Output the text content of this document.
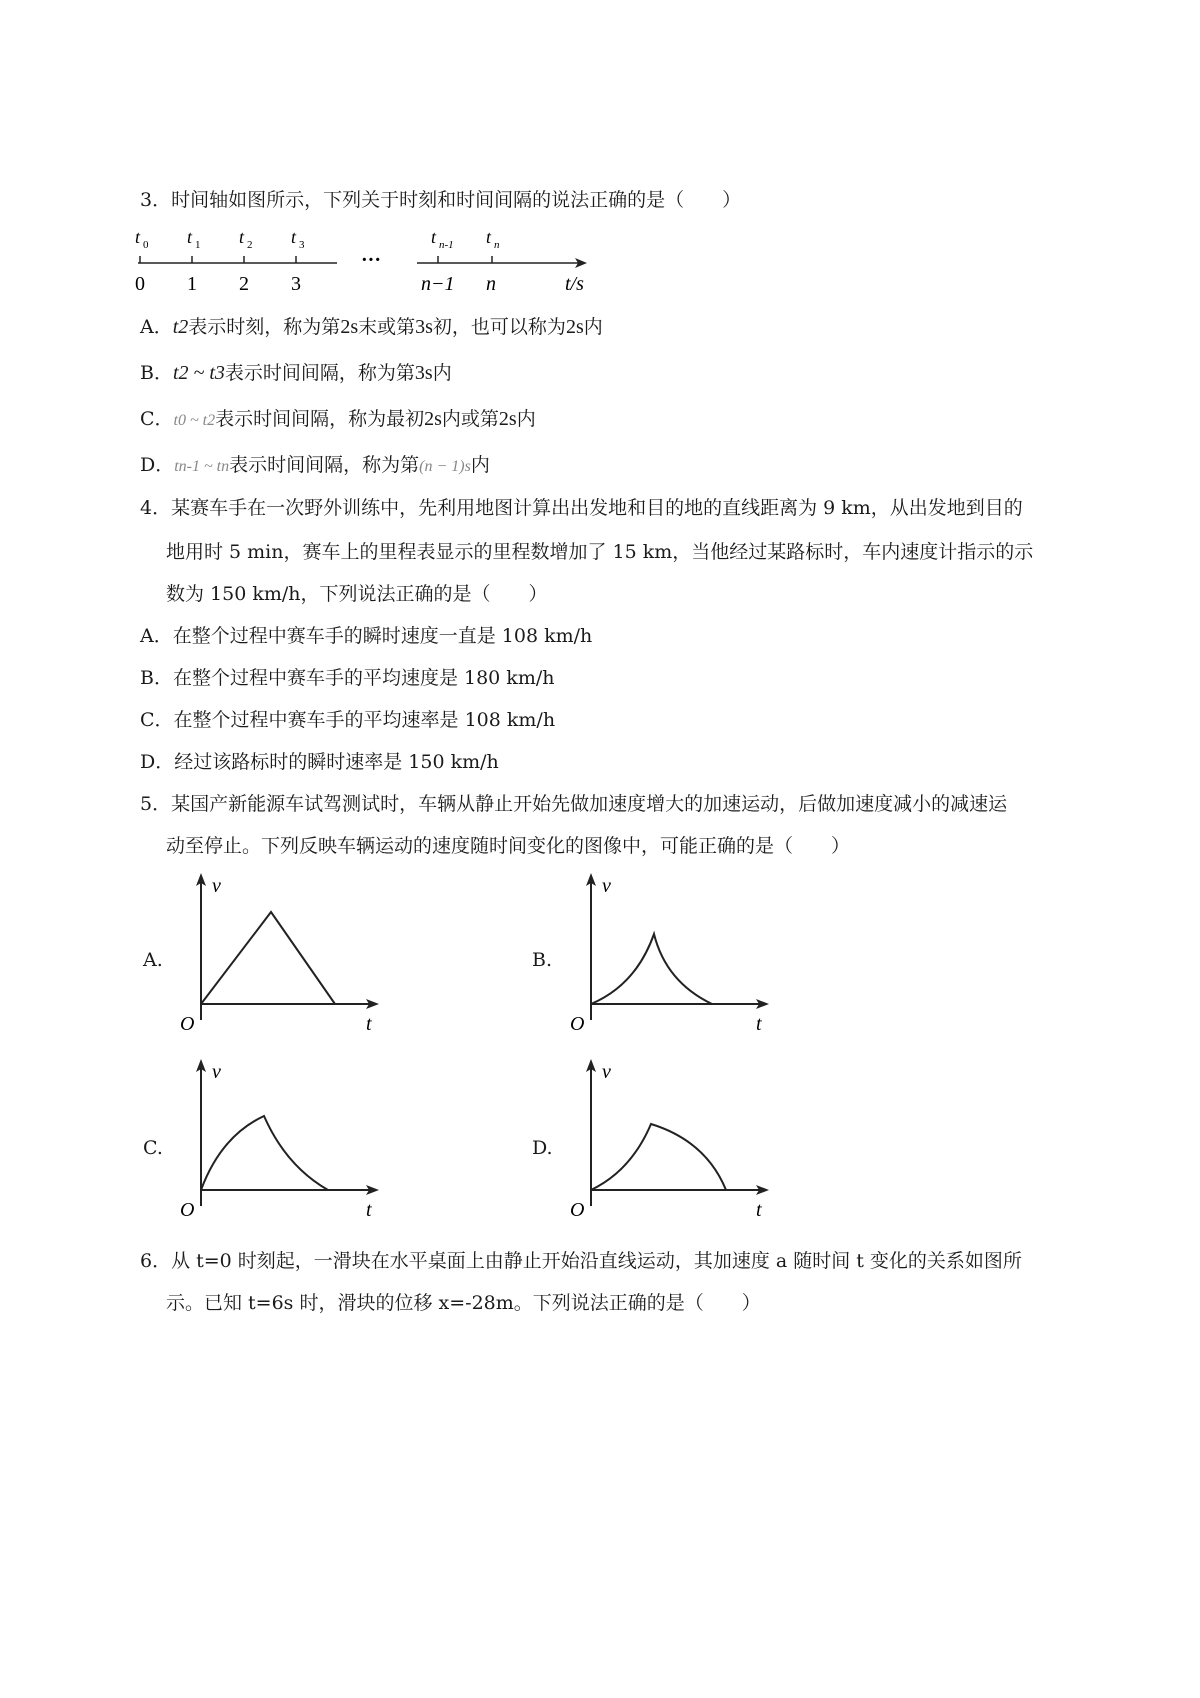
3．时间轴如图所示，下列关于时刻和时间间隔的说法正确的是（　　）
t 0 t 1 t 2 t 3	t n-1 t n
···
0 1 2 3	n−1 n	t/s
A．t2表示时刻，称为第2s末或第3s初，也可以称为2s内
B．t2 ~ t3表示时间间隔，称为第3s内
C．t0 ~ t2表示时间间隔，称为最初2s内或第2s内
D．tn-1 ~ tn表示时间间隔，称为第(n − 1)s内
4．某赛车手在一次野外训练中，先利用地图计算出出发地和目的地的直线距离为 9 km，从出发地到目的
地用时 5 min，赛车上的里程表显示的里程数增加了 15 km，当他经过某路标时，车内速度计指示的示
数为 150 km/h，下列说法正确的是（　　）
A．在整个过程中赛车手的瞬时速度一直是 108 km/h
B．在整个过程中赛车手的平均速度是 180 km/h
C．在整个过程中赛车手的平均速率是 108 km/h
D．经过该路标时的瞬时速率是 150 km/h
5．某国产新能源车试驾测试时，车辆从静止开始先做加速度增大的加速运动，后做加速度减小的减速运
动至停止。下列反映车辆运动的速度随时间变化的图像中，可能正确的是（　　）
A.
v
t
O
B.
v
t
O
C.
v
t
O
D.
v
t
O
6．从 t=0 时刻起，一滑块在水平桌面上由静止开始沿直线运动，其加速度 a 随时间 t 变化的关系如图所
示。已知 t=6s 时，滑块的位移 x=-28m。下列说法正确的是（　　）
